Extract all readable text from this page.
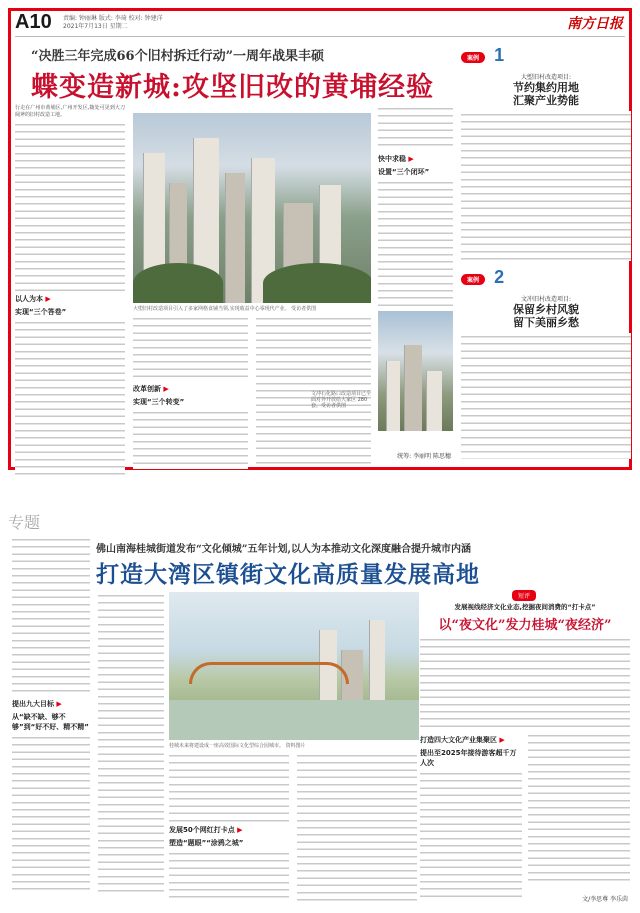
A10 责编: 钟丽琳 版式: 李琦 校对: 钟建洋
2021年7月13日 星期二	南方日报
“决胜三年完成66个旧村拆迁行动”一周年战果丰硕
蝶变造新城:攻坚旧改的黄埔经验
行走在广州市黄埔区,广州开发区,随处可见到大刀阔斧的旧村改造工地。
以人为本 ▶
实现“三个答卷”	大塱旧村改造项目引入了多家网格食铺当领,实现收益中心零现代产业。 受访者供图
改革创新 ▶
实现“三个转变”
快中求稳 ▶
设置“三个闭环”
文冲石化路口改造项目已全面对外开放给大家区 280套。受访者供图
统筹: 李丽明 陈思穗
案例 1
大塱旧村改造项目:
节约集约用地
汇聚产业势能
案例 2
文冲旧村改造项目:
保留乡村风貌
留下美丽乡愁
专题
佛山南海桂城街道发布“文化倾城”五年计划,以人为本推动文化深度融合提升城市内涵
打造大湾区镇街文化高质量发展高地
提出九大目标 ▶
从“缺不缺、够不够”到“好不好、精不精”
桂城未来将建设成一座高效国际文化型综合园城市。 资料图片
发展50个网红打卡点 ▶
塑造“题眼”“涂鸦之城”
短评
发展视线经济文化业态,挖掘夜间消费的“打卡点”
以“夜文化”发力桂城“夜经济”
打造四大文化产业集聚区 ▶
提出至2025年接待游客超千万人次
文/李思尊 李乐茵
